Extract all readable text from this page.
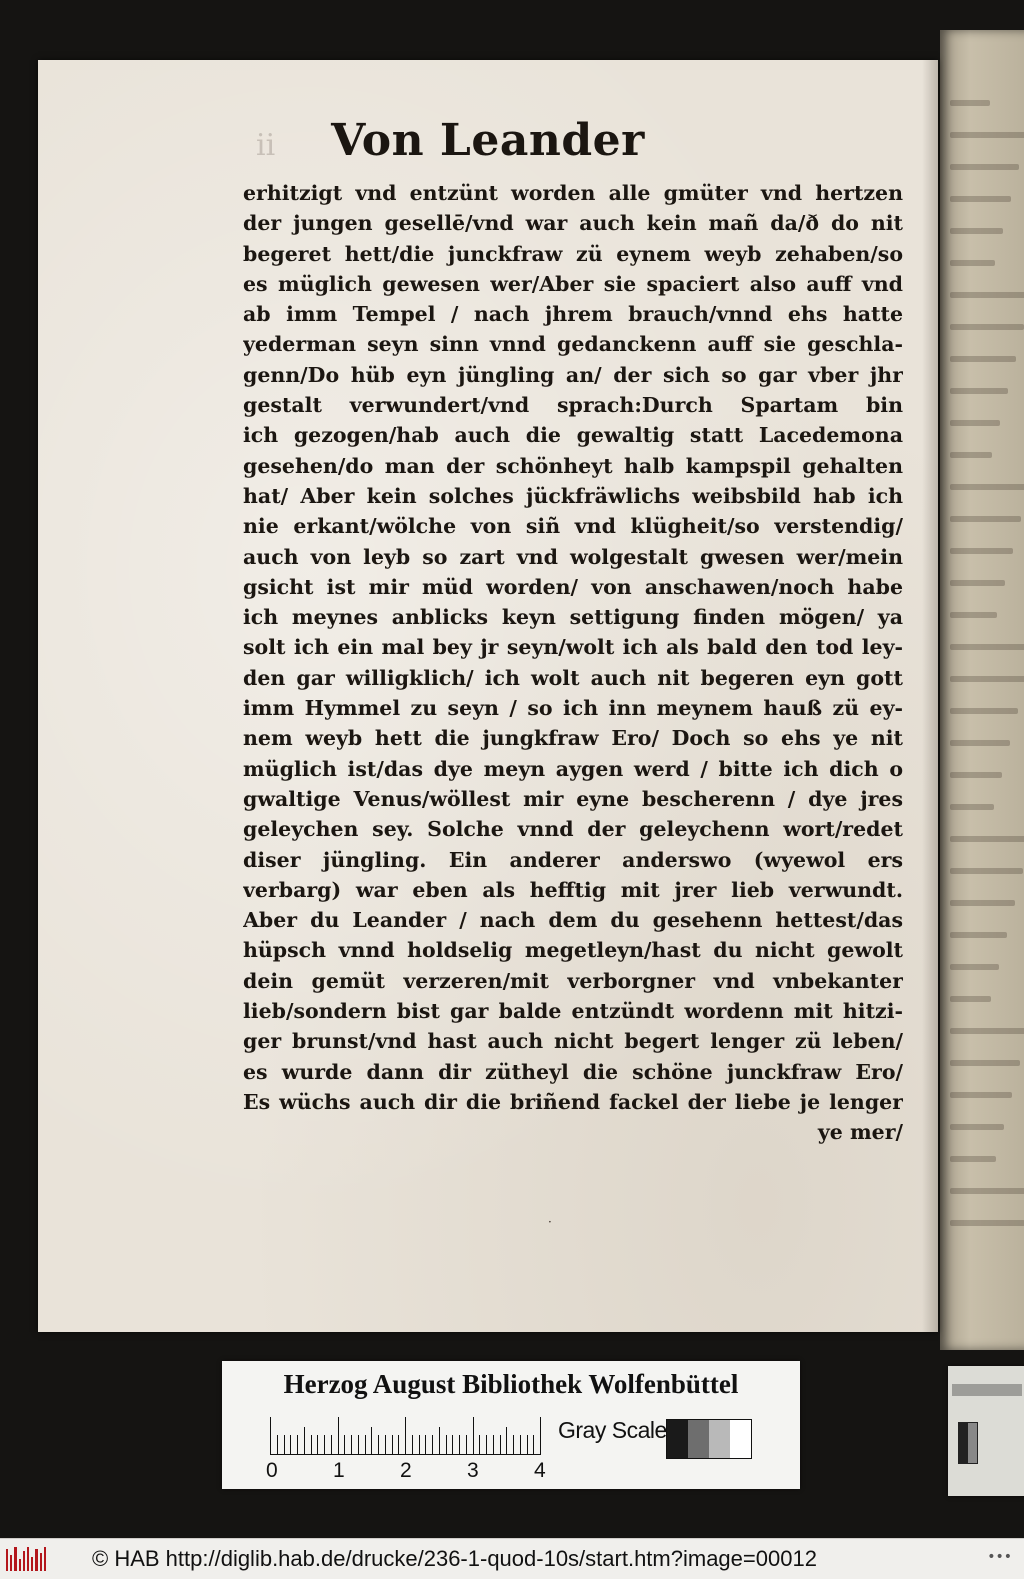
ii	Von Leander
erhitzigt vnd entzünt worden alle gmüter vnd hertzen
der jungen gesellē/vnd war auch kein mañ da/ð do nit
begeret hett/die junckfraw zü eynem weyb zehaben/so
es müglich gewesen wer/Aber sie spaciert also auff vnd
ab imm Tempel / nach jhrem brauch/vnnd ehs hatte
yederman seyn sinn vnnd gedanckenn auff sie geschla-
genn/Do hüb eyn jüngling an/ der sich so gar vber jhr
gestalt verwundert/vnd sprach:Durch Spartam bin
ich gezogen/hab auch die gewaltig statt Lacedemona
gesehen/do man der schönheyt halb kampspil gehalten
hat/ Aber kein solches jückfräwlichs weibsbild hab ich
nie erkant/wölche von siñ vnd klügheit/so verstendig/
auch von leyb so zart vnd wolgestalt gwesen wer/mein
gsicht ist mir müd worden/ von anschawen/noch habe
ich meynes anblicks keyn settigung finden mögen/ ya
solt ich ein mal bey jr seyn/wolt ich als bald den tod ley-
den gar willigklich/ ich wolt auch nit begeren eyn gott
imm Hymmel zu seyn / so ich inn meynem hauß zü ey-
nem weyb hett die jungkfraw Ero/ Doch so ehs ye nit
müglich ist/das dye meyn aygen werd / bitte ich dich o
gwaltige Venus/wöllest mir eyne bescherenn / dye jres
geleychen sey. Solche vnnd der geleychenn wort/redet
diser jüngling. Ein anderer anderswo (wyewol ers
verbarg) war eben als hefftig mit jrer lieb verwundt.
Aber du Leander / nach dem du gesehenn hettest/das
hüpsch vnnd holdselig megetleyn/hast du nicht gewolt
dein gemüt verzeren/mit verborgner vnd vnbekanter
lieb/sondern bist gar balde entzündt wordenn mit hitzi-
ger brunst/vnd hast auch nicht begert lenger zü leben/
es wurde dann dir zütheyl die schöne junckfraw Ero/
Es wüchs auch dir die briñend fackel der liebe je lenger
ye mer/
·
Herzog August Bibliothek Wolfenbüttel
0	1	2	3	4
Gray Scale
© HAB http://diglib.hab.de/drucke/236-1-quod-10s/start.htm?image=00012	•••
